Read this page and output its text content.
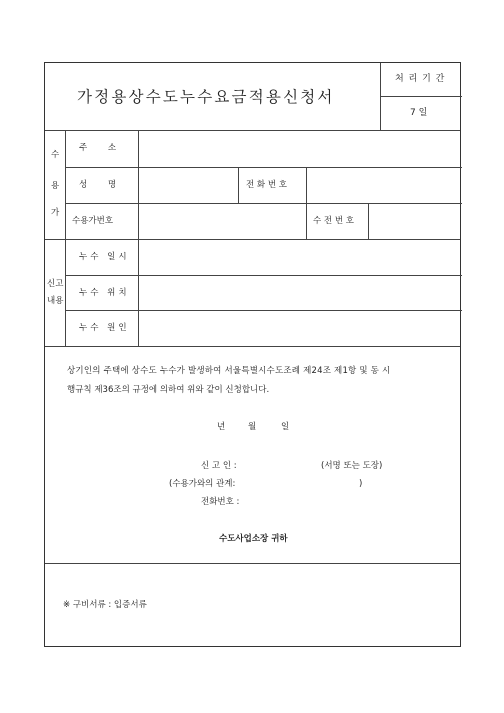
가정용상수도누수요금적용신청서
처 리 기 간
7 일
수
용
가
주 소
성 명	전 화 번 호
수용가번호	수 전 번 호
신고
내용
누수 일시
누수 위치
누수 원인
상기인의 주택에 상수도 누수가 발생하여 서울특별시수도조례 제24조 제1항 및 동 시
행규칙 제36조의 규정에 의하여 위와 같이 신청합니다.
년	월	일
신 고 인 :	(서명 또는 도장)
(수용가와의 관계:	)
전화번호 :
수도사업소장 귀하
※ 구비서류 : 입증서류
